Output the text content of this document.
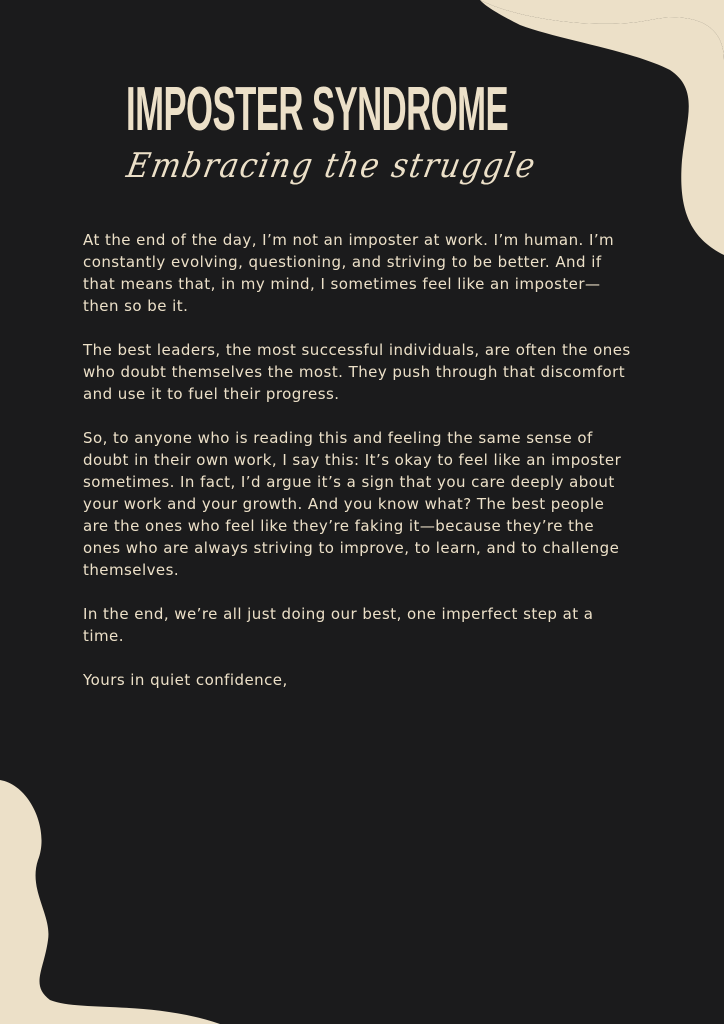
IMPOSTER SYNDROME
Embracing the struggle

At the end of the day, I’m not an imposter at work. I’m human. I’m constantly evolving, questioning, and striving to be better. And if that means that, in my mind, I sometimes feel like an imposter—then so be it.

The best leaders, the most successful individuals, are often the ones who doubt themselves the most. They push through that discomfort and use it to fuel their progress.

So, to anyone who is reading this and feeling the same sense of doubt in their own work, I say this: It’s okay to feel like an imposter sometimes. In fact, I’d argue it’s a sign that you care deeply about your work and your growth. And you know what? The best people are the ones who feel like they’re faking it—because they’re the ones who are always striving to improve, to learn, and to challenge themselves.

In the end, we’re all just doing our best, one imperfect step at a time.

Yours in quiet confidence,
